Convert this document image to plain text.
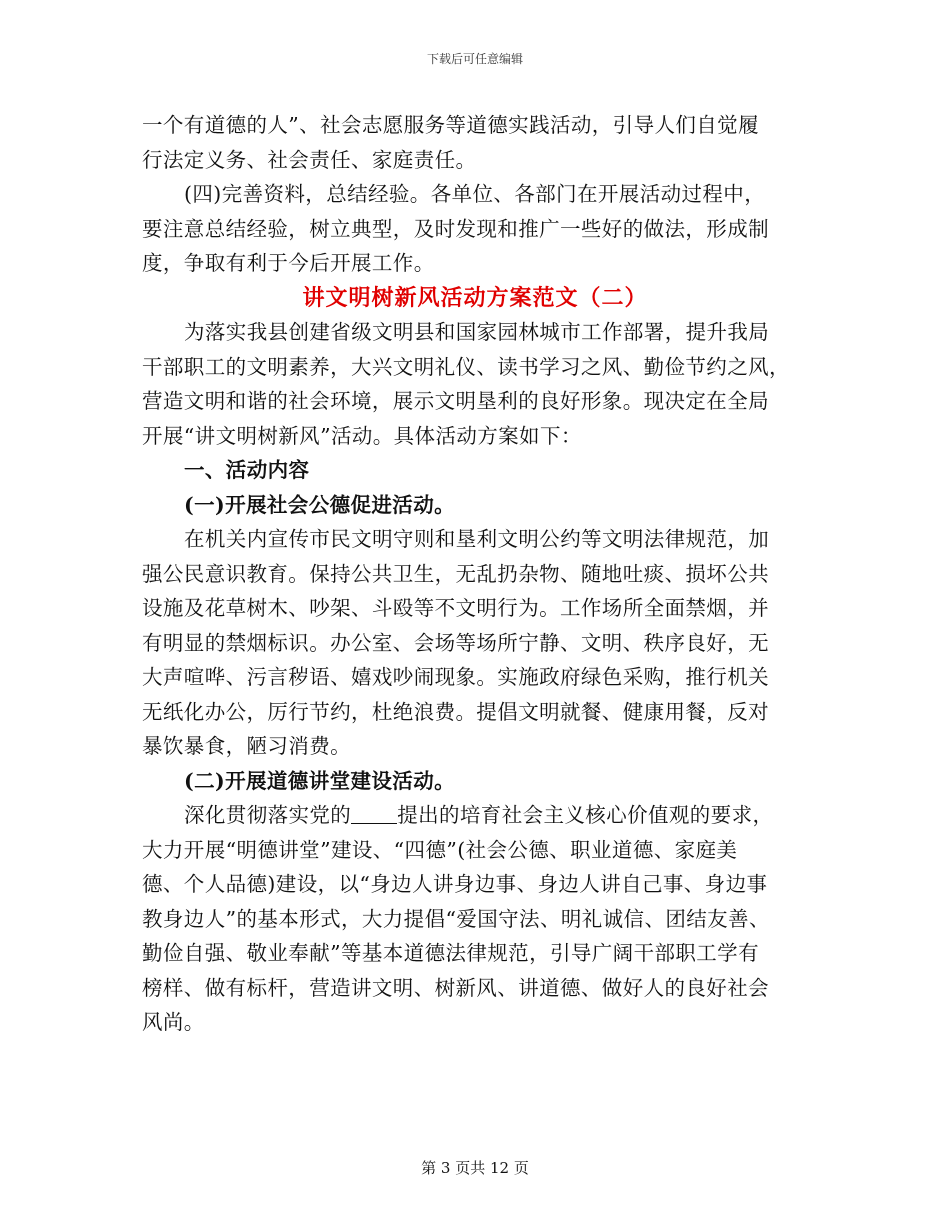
下载后可任意编辑
一个有道德的人”、社会志愿服务等道德实践活动，引导人们自觉履
行法定义务、社会责任、家庭责任。
(四)完善资料，总结经验。各单位、各部门在开展活动过程中，
要注意总结经验，树立典型，及时发现和推广一些好的做法，形成制
度，争取有利于今后开展工作。
讲文明树新风活动方案范文（二）
为落实我县创建省级文明县和国家园林城市工作部署，提升我局
干部职工的文明素养，大兴文明礼仪、读书学习之风、勤俭节约之风，
营造文明和谐的社会环境，展示文明垦利的良好形象。现决定在全局
开展“讲文明树新风”活动。具体活动方案如下：
一、活动内容
(一)开展社会公德促进活动。
在机关内宣传市民文明守则和垦利文明公约等文明法律规范，加
强公民意识教育。保持公共卫生，无乱扔杂物、随地吐痰、损坏公共
设施及花草树木、吵架、斗殴等不文明行为。工作场所全面禁烟，并
有明显的禁烟标识。办公室、会场等场所宁静、文明、秩序良好，无
大声喧哗、污言秽语、嬉戏吵闹现象。实施政府绿色采购，推行机关
无纸化办公，厉行节约，杜绝浪费。提倡文明就餐、健康用餐，反对
暴饮暴食，陋习消费。
(二)开展道德讲堂建设活动。
深化贯彻落实党的 提出的培育社会主义核心价值观的要求，
大力开展“明德讲堂”建设、“四德”(社会公德、职业道德、家庭美
德、个人品德)建设，以“身边人讲身边事、身边人讲自己事、身边事
教身边人”的基本形式，大力提倡“爱国守法、明礼诚信、团结友善、
勤俭自强、敬业奉献”等基本道德法律规范，引导广阔干部职工学有
榜样、做有标杆，营造讲文明、树新风、讲道德、做好人的良好社会
风尚。
第 3 页共 12 页
